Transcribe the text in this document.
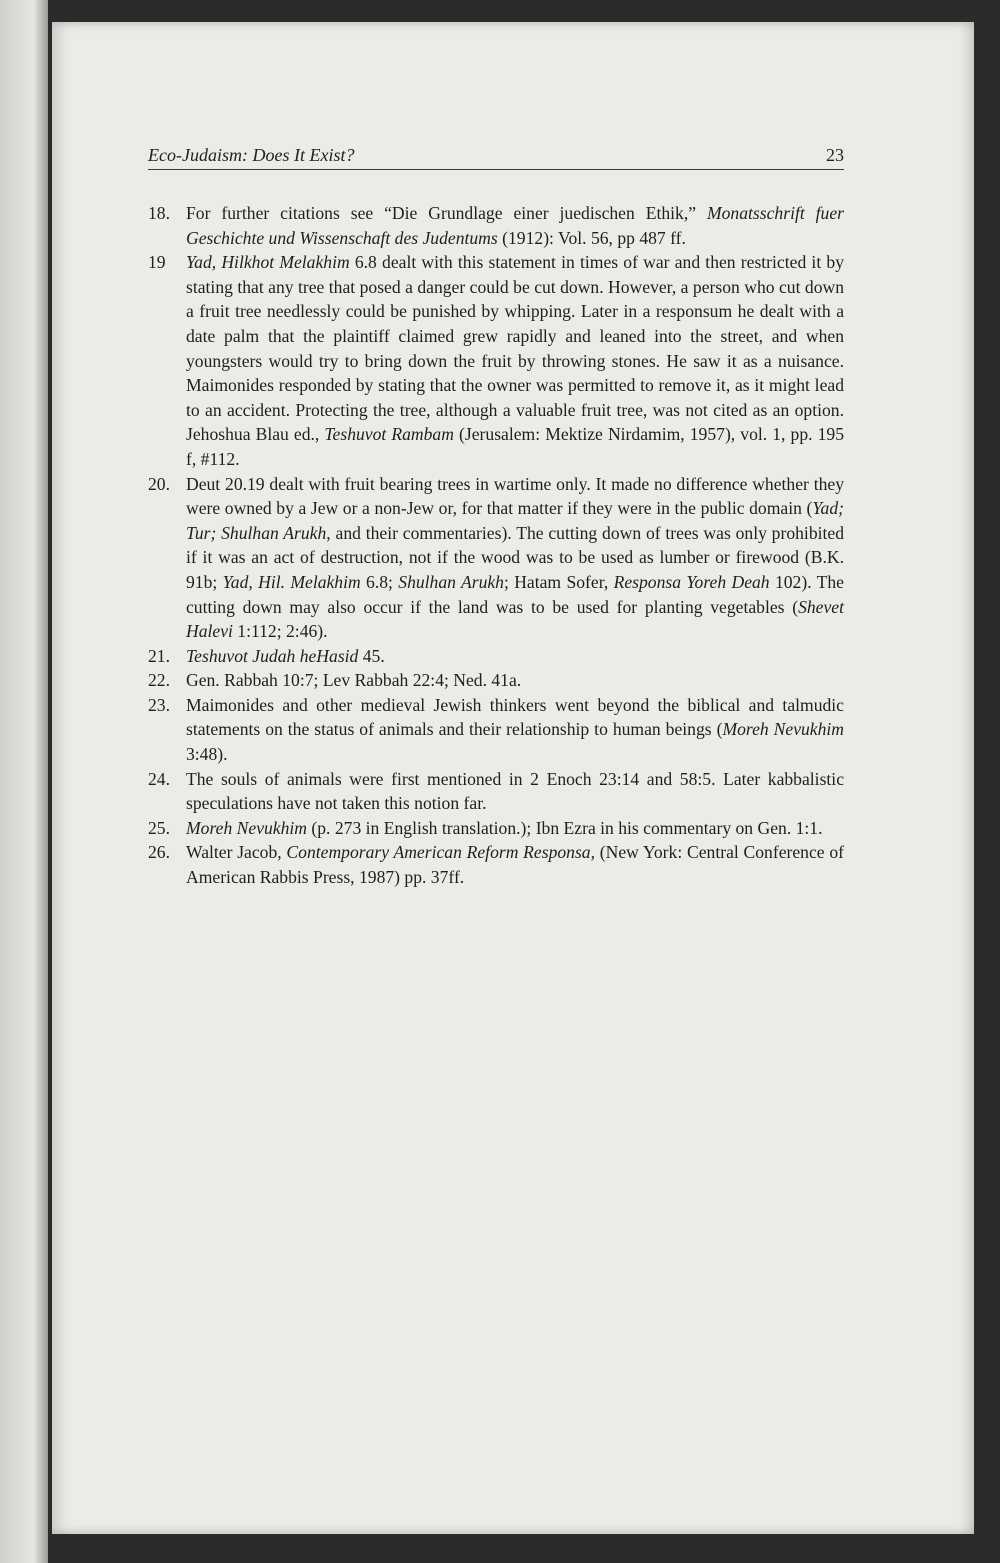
Eco-Judaism: Does It Exist?	23
18. For further citations see “Die Grundlage einer juedischen Ethik,” Monatsschrift fuer Geschichte und Wissenschaft des Judentums (1912): Vol. 56, pp 487 ff.
19	Yad, Hilkhot Melakhim 6.8 dealt with this statement in times of war and then restricted it by stating that any tree that posed a danger could be cut down. However, a person who cut down a fruit tree needlessly could be punished by whipping. Later in a responsum he dealt with a date palm that the plaintiff claimed grew rapidly and leaned into the street, and when youngsters would try to bring down the fruit by throwing stones. He saw it as a nuisance. Maimonides responded by stating that the owner was permitted to remove it, as it might lead to an accident. Protecting the tree, although a valuable fruit tree, was not cited as an option. Jehoshua Blau ed., Teshuvot Rambam (Jerusalem: Mektize Nirdamim, 1957), vol. 1, pp. 195 f, #112.
20. Deut 20.19 dealt with fruit bearing trees in wartime only. It made no difference whether they were owned by a Jew or a non-Jew or, for that matter if they were in the public domain (Yad; Tur; Shulhan Arukh, and their commentaries). The cutting down of trees was only prohibited if it was an act of destruction, not if the wood was to be used as lumber or firewood (B.K. 91b; Yad, Hil. Melakhim 6.8; Shulhan Arukh; Hatam Sofer, Responsa Yoreh Deah 102). The cutting down may also occur if the land was to be used for planting vegetables (Shevet Halevi 1:112; 2:46).
21. Teshuvot Judah heHasid 45.
22. Gen. Rabbah 10:7; Lev Rabbah 22:4; Ned. 41a.
23. Maimonides and other medieval Jewish thinkers went beyond the biblical and talmudic statements on the status of animals and their relationship to human beings (Moreh Nevukhim 3:48).
24. The souls of animals were first mentioned in 2 Enoch 23:14 and 58:5. Later kabbalistic speculations have not taken this notion far.
25. Moreh Nevukhim (p. 273 in English translation.); Ibn Ezra in his commentary on Gen. 1:1.
26. Walter Jacob, Contemporary American Reform Responsa, (New York: Central Conference of American Rabbis Press, 1987) pp. 37ff.
